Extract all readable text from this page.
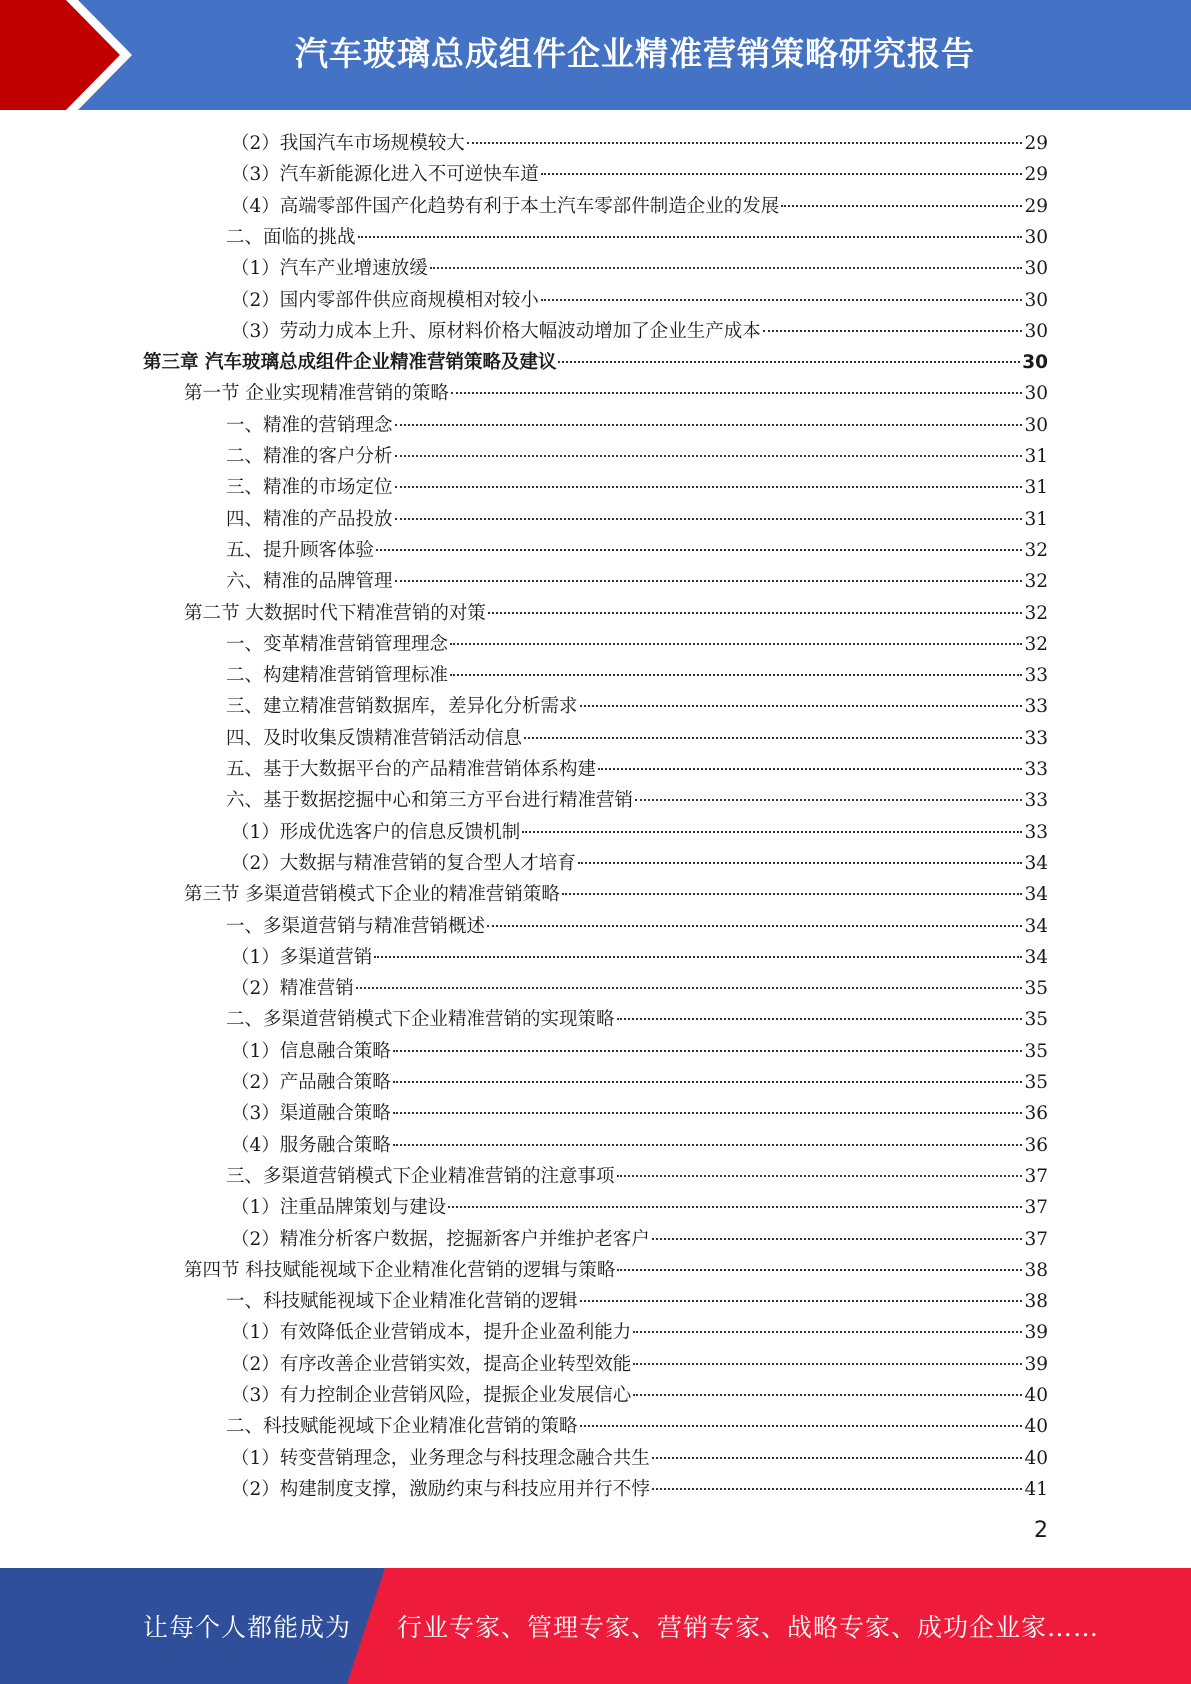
汽车玻璃总成组件企业精准营销策略研究报告
（2）我国汽车市场规模较大	29
（3）汽车新能源化进入不可逆快车道	29
（4）高端零部件国产化趋势有利于本土汽车零部件制造企业的发展	29
二、面临的挑战	30
（1）汽车产业增速放缓	30
（2）国内零部件供应商规模相对较小	30
（3）劳动力成本上升、原材料价格大幅波动增加了企业生产成本	30
第三章 汽车玻璃总成组件企业精准营销策略及建议	30
第一节 企业实现精准营销的策略	30
一、精准的营销理念	30
二、精准的客户分析	31
三、精准的市场定位	31
四、精准的产品投放	31
五、提升顾客体验	32
六、精准的品牌管理	32
第二节 大数据时代下精准营销的对策	32
一、变革精准营销管理理念	32
二、构建精准营销管理标准	33
三、建立精准营销数据库，差异化分析需求	33
四、及时收集反馈精准营销活动信息	33
五、基于大数据平台的产品精准营销体系构建	33
六、基于数据挖掘中心和第三方平台进行精准营销	33
（1）形成优选客户的信息反馈机制	33
（2）大数据与精准营销的复合型人才培育	34
第三节 多渠道营销模式下企业的精准营销策略	34
一、多渠道营销与精准营销概述	34
（1）多渠道营销	34
（2）精准营销	35
二、多渠道营销模式下企业精准营销的实现策略	35
（1）信息融合策略	35
（2）产品融合策略	35
（3）渠道融合策略	36
（4）服务融合策略	36
三、多渠道营销模式下企业精准营销的注意事项	37
（1）注重品牌策划与建设	37
（2）精准分析客户数据，挖掘新客户并维护老客户	37
第四节 科技赋能视域下企业精准化营销的逻辑与策略	38
一、科技赋能视域下企业精准化营销的逻辑	38
（1）有效降低企业营销成本，提升企业盈利能力	39
（2）有序改善企业营销实效，提高企业转型效能	39
（3）有力控制企业营销风险，提振企业发展信心	40
二、科技赋能视域下企业精准化营销的策略	40
（1）转变营销理念，业务理念与科技理念融合共生	40
（2）构建制度支撑，激励约束与科技应用并行不悖	41
2
让每个人都能成为 行业专家、管理专家、营销专家、战略专家、成功企业家……
